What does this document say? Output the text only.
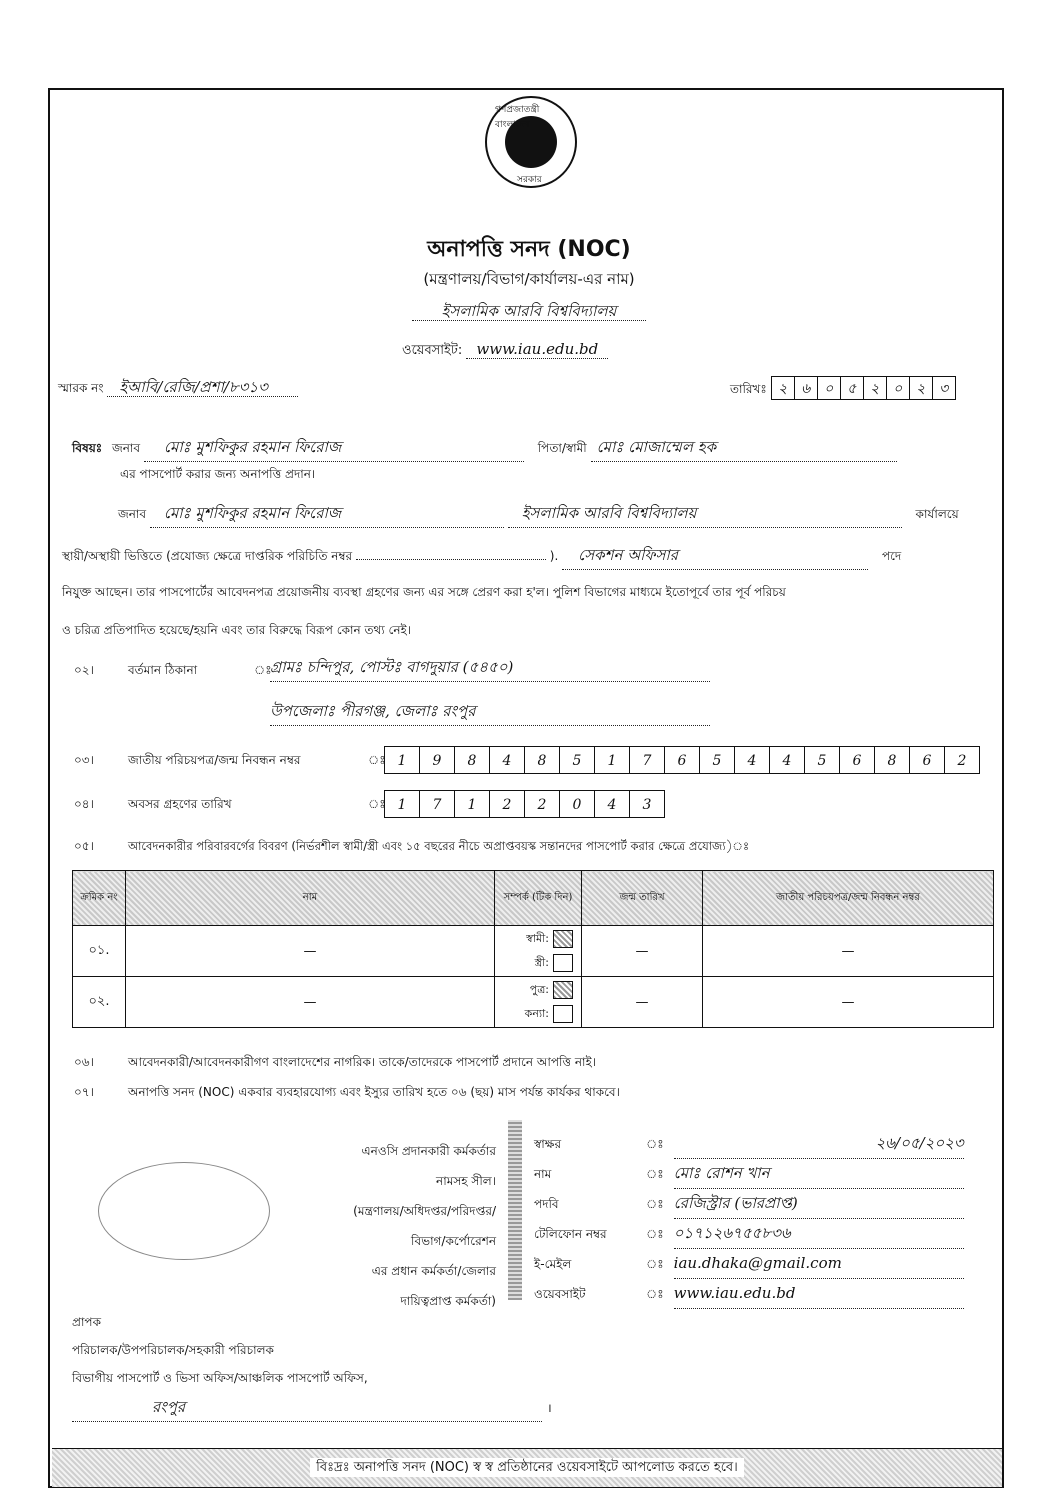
গণপ্রজাতন্ত্রী বাংলাদেশ
সরকার
অনাপত্তি সনদ (NOC)
(মন্ত্রণালয়/বিভাগ/কার্যালয়-এর নাম)
ইসলামিক আরবি বিশ্ববিদ্যালয়
ওয়েবসাইট: www.iau.edu.bd
স্মারক নং ইআবি/রেজি/প্রশা/৮৩১৩	তারিখঃ ২ ৬ ০ ৫ ২ ০ ২ ৩
বিষয়ঃ জনাব মোঃ মুশফিকুর রহমান ফিরোজ	পিতা/স্বামী মোঃ মোজাম্মেল হক
এর পাসপোর্ট করার জন্য অনাপত্তি প্রদান।
জনাব মোঃ মুশফিকুর রহমান ফিরোজ	ইসলামিক আরবি বিশ্ববিদ্যালয়	কার্যালয়ে
স্থায়ী/অস্থায়ী ভিত্তিতে (প্রযোজ্য ক্ষেত্রে দাপ্তরিক পরিচিতি নম্বর	). সেকশন অফিসার	পদে
নিযুক্ত আছেন। তার পাসপোর্টের আবেদনপত্র প্রয়োজনীয় ব্যবস্থা গ্রহণের জন্য এর সঙ্গে প্রেরণ করা হ'ল। পুলিশ বিভাগের মাধ্যমে ইতোপূর্বে তার পূর্ব পরিচয়
ও চরিত্র প্রতিপাদিত হয়েছে/হয়নি এবং তার বিরুদ্ধে বিরূপ কোন তথ্য নেই।
০২।	বর্তমান ঠিকানা	ঃ
গ্রামঃ চন্দিপুর, পোস্টঃ বাগদুয়ার (৫৪৫০)
উপজেলাঃ পীরগঞ্জ, জেলাঃ রংপুর
০৩।	জাতীয় পরিচয়পত্র/জন্ম নিবন্ধন নম্বর	ঃ 1 9 8 4 8 5 1 7 6 5 4 4 5 6 8 6 2
০৪।	অবসর গ্রহণের তারিখ	ঃ 1 7 1 2 2 0 4 3
০৫।	আবেদনকারীর পরিবারবর্গের বিবরণ (নির্ভরশীল স্বামী/স্ত্রী এবং ১৫ বছরের নীচে অপ্রাপ্তবয়স্ক সন্তানদের পাসপোর্ট করার ক্ষেত্রে প্রযোজ্য)ঃ
ক্রমিক নং	নাম	সম্পর্ক (টিক দিন)	জন্ম তারিখ	জাতীয় পরিচয়পত্র/জন্ম নিবন্ধন নম্বর
০১.	—	স্বামী:
স্ত্রী:	—	—
০২.	—	পুত্র:
কন্যা:	—	—
০৬।	আবেদনকারী/আবেদনকারীগণ বাংলাদেশের নাগরিক। তাকে/তাদেরকে পাসপোর্ট প্রদানে আপত্তি নাই।
০৭।	অনাপত্তি সনদ (NOC) একবার ব্যবহারযোগ্য এবং ইস্যুর তারিখ হতে ০৬ (ছয়) মাস পর্যন্ত কার্যকর থাকবে।
এনওসি প্রদানকারী কর্মকর্তার
নামসহ সীল।
(মন্ত্রণালয়/অধিদপ্তর/পরিদপ্তর/
বিভাগ/কর্পোরেশন
এর প্রধান কর্মকর্তা/জেলার
দায়িত্বপ্রাপ্ত কর্মকর্তা)
স্বাক্ষর	ঃ	২৬/০৫/২০২৩
নাম	ঃ মোঃ রোশন খান
পদবি	ঃ রেজিস্ট্রার (ভারপ্রাপ্ত)
টেলিফোন নম্বর	ঃ ০১৭১২৬৭৫৫৮৩৬
ই-মেইল	ঃ iau.dhaka@gmail.com
ওয়েবসাইট	ঃ www.iau.edu.bd
প্রাপক
পরিচালক/উপপরিচালক/সহকারী পরিচালক
বিভাগীয় পাসপোর্ট ও ভিসা অফিস/আঞ্চলিক পাসপোর্ট অফিস,
রংপুর	।
বিঃদ্রঃ অনাপত্তি সনদ (NOC) স্ব স্ব প্রতিষ্ঠানের ওয়েবসাইটে আপলোড করতে হবে।
